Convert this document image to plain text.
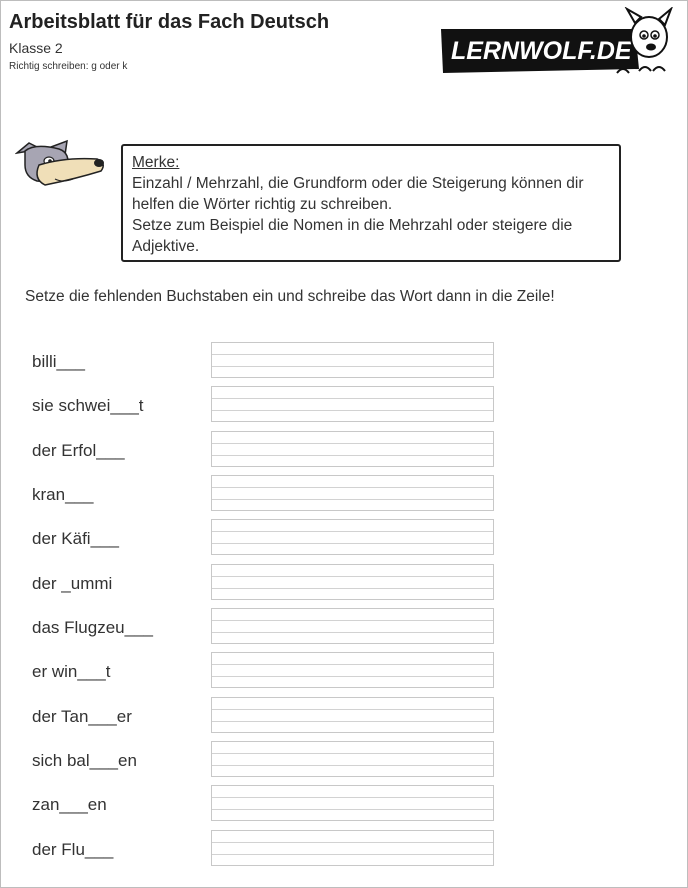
Arbeitsblatt für das Fach Deutsch
Klasse 2
Richtig schreiben: g oder k
LERNWOLF.DE
Merke:

Einzahl / Mehrzahl, die Grundform oder die Steigerung können dir helfen die Wörter richtig zu schreiben.

Setze zum Beispiel die Nomen in die Mehrzahl oder steigere die Adjektive.

Setze die fehlenden Buchstaben ein und schreibe das Wort dann in die Zeile!
billi___
sie schwei___t
der Erfol___
kran___
der Käfi___
der _ummi
das Flugzeu___
er win___t
der Tan___er
sich bal___en
zan___en
der Flu___
